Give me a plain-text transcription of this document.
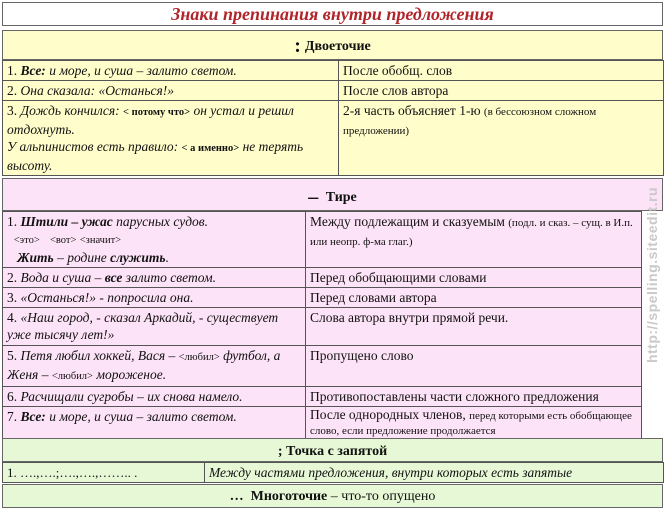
Знаки препинания внутри предложения
: Двоеточие
1. Все: и море, и суша – залито светом.	После обобщ. слов
2. Она сказала: «Останься!»	После слов автора
3. Дождь кончился: < потому что> он устал и решил отдохнуть.
У альпинистов есть правило: < а именно> не терять высоту.	2-я часть объясняет 1-ю (в бессоюзном сложном предложении)
– Тире
1. Штили – ужас парусных судов.
<это> <вот> <значит>
Жить – родине служить.	Между подлежащим и сказуемым (подл. и сказ. – сущ. в И.п. или неопр. ф-ма глаг.)
2. Вода и суша – все залито светом.	Перед обобщающими словами
3. «Останься!» - попросила она.	Перед словами автора
4. «Наш город, - сказал Аркадий, - существует уже тысячу лет!»	Слова автора внутри прямой речи.
5. Петя любил хоккей, Вася – <любил> футбол, а Женя – <любил> мороженое.	Пропущено слово
6. Расчищали сугробы – их снова намело.	Противопоставлены части сложного предложения
7. Все: и море, и суша – залито светом.	После однородных членов, перед которыми есть обобщающее слово, если предложение продолжается
http://spelling.siteedit.ru
; Точка с запятой
1. ….,….;….,….,…….. .	Между частями предложения, внутри которых есть запятые
… Многоточие – что-то опущено
